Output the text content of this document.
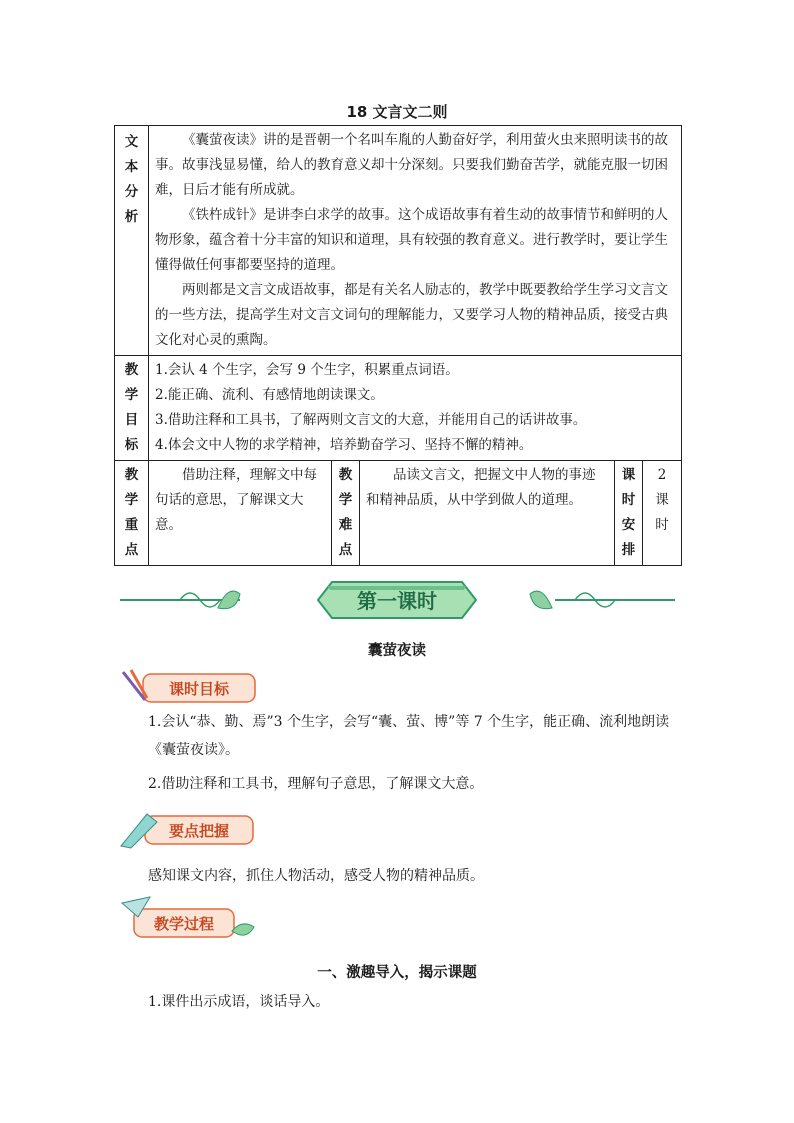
18 文言文二则
文本分析	《囊萤夜读》讲的是晋朝一个名叫车胤的人勤奋好学，利用萤火虫来照明读书的故事。故事浅显易懂，给人的教育意义却十分深刻。只要我们勤奋苦学，就能克服一切困难，日后才能有所成就。

《铁杵成针》是讲李白求学的故事。这个成语故事有着生动的故事情节和鲜明的人物形象，蕴含着十分丰富的知识和道理，具有较强的教育意义。进行教学时，要让学生懂得做任何事都要坚持的道理。

两则都是文言文成语故事，都是有关名人励志的，教学中既要教给学生学习文言文的一些方法，提高学生对文言文词句的理解能力，又要学习人物的精神品质，接受古典文化对心灵的熏陶。				

教学目标	1.会认 4 个生字，会写 9 个生字，积累重点词语。

2.能正确、流利、有感情地朗读课文。

3.借助注释和工具书，了解两则文言文的大意，并能用自己的话讲故事。

4.体会文中人物的求学精神，培养勤奋学习、坚持不懈的精神。				

教学重点	借助注释，理解文中每句话的意思，了解课文大意。	教学难点	品读文言文，把握文中人物的事迹和精神品质，从中学到做人的道理。	课时安排	2课时
第一课时
囊萤夜读
课时目标
1.会认“恭、勤、焉”3 个生字，会写“囊、萤、博”等 7 个生字，能正确、流利地朗读《囊萤夜读》。
2.借助注释和工具书，理解句子意思，了解课文大意。
要点把握
感知课文内容，抓住人物活动，感受人物的精神品质。
教学过程
一、激趣导入，揭示课题
1.课件出示成语，谈话导入。
